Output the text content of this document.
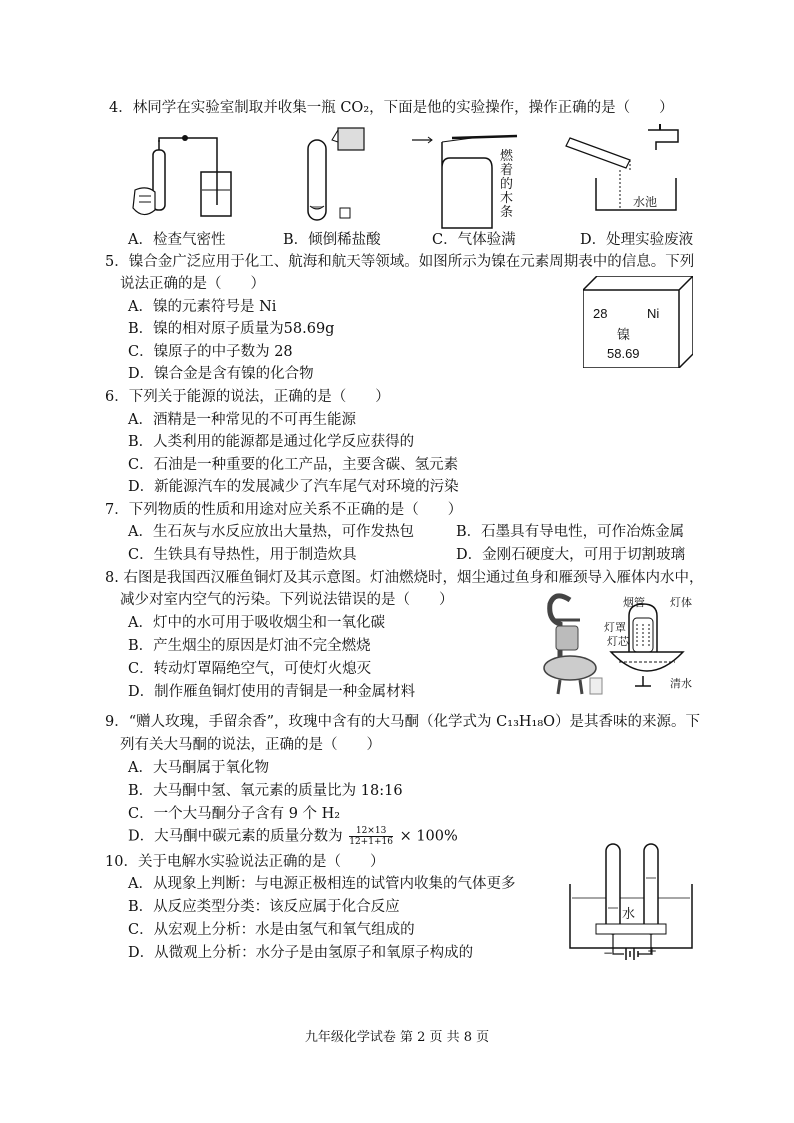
4．林同学在实验室制取并收集一瓶 CO₂，下面是他的实验操作，操作正确的是（　　）
燃着的木条
水池
A．检查气密性	B．倾倒稀盐酸	C．气体验满	D．处理实验废液
5．镍合金广泛应用于化工、航海和航天等领域。如图所示为镍在元素周期表中的信息。下列
说法正确的是（　　）
A．镍的元素符号是 Ni
B．镍的相对原子质量为58.69g
C．镍原子的中子数为 28
D．镍合金是含有镍的化合物
28	Ni
镍
58.69
6．下列关于能源的说法，正确的是（　　）
A．酒精是一种常见的不可再生能源
B．人类利用的能源都是通过化学反应获得的
C．石油是一种重要的化工产品，主要含碳、氢元素
D．新能源汽车的发展减少了汽车尾气对环境的污染
7．下列物质的性质和用途对应关系不正确的是（　　）
A．生石灰与水反应放出大量热，可作发热包	B．石墨具有导电性，可作冶炼金属
C．生铁具有导热性，用于制造炊具	D．金刚石硬度大，可用于切割玻璃
8. 右图是我国西汉雁鱼铜灯及其示意图。灯油燃烧时，烟尘通过鱼身和雁颈导入雁体内水中，
减少对室内空气的污染。下列说法错误的是（　　）
A．灯中的水可用于吸收烟尘和一氧化碳
B．产生烟尘的原因是灯油不完全燃烧
C．转动灯罩隔绝空气，可使灯火熄灭
D．制作雁鱼铜灯使用的青铜是一种金属材料
烟管 灯体
灯罩
灯芯
清水
9．“赠人玫瑰，手留余香”，玫瑰中含有的大马酮（化学式为 C₁₃H₁₈O）是其香味的来源。下
列有关大马酮的说法，正确的是（　　）
A．大马酮属于氧化物
B．大马酮中氢、氧元素的质量比为 18:16
C．一个大马酮分子含有 9 个 H₂
D．大马酮中碳元素的质量分数为 $\frac{12\times 13}{12+1+16} \times 100\%$
10．关于电解水实验说法正确的是（　　）
A．从现象上判断：与电源正极相连的试管内收集的气体更多
B．从反应类型分类：该反应属于化合反应
C．从宏观上分析：水是由氢气和氧气组成的
D．从微观上分析：水分子是由氢原子和氧原子构成的
水
−	+
九年级化学试卷 第 2 页 共 8 页
